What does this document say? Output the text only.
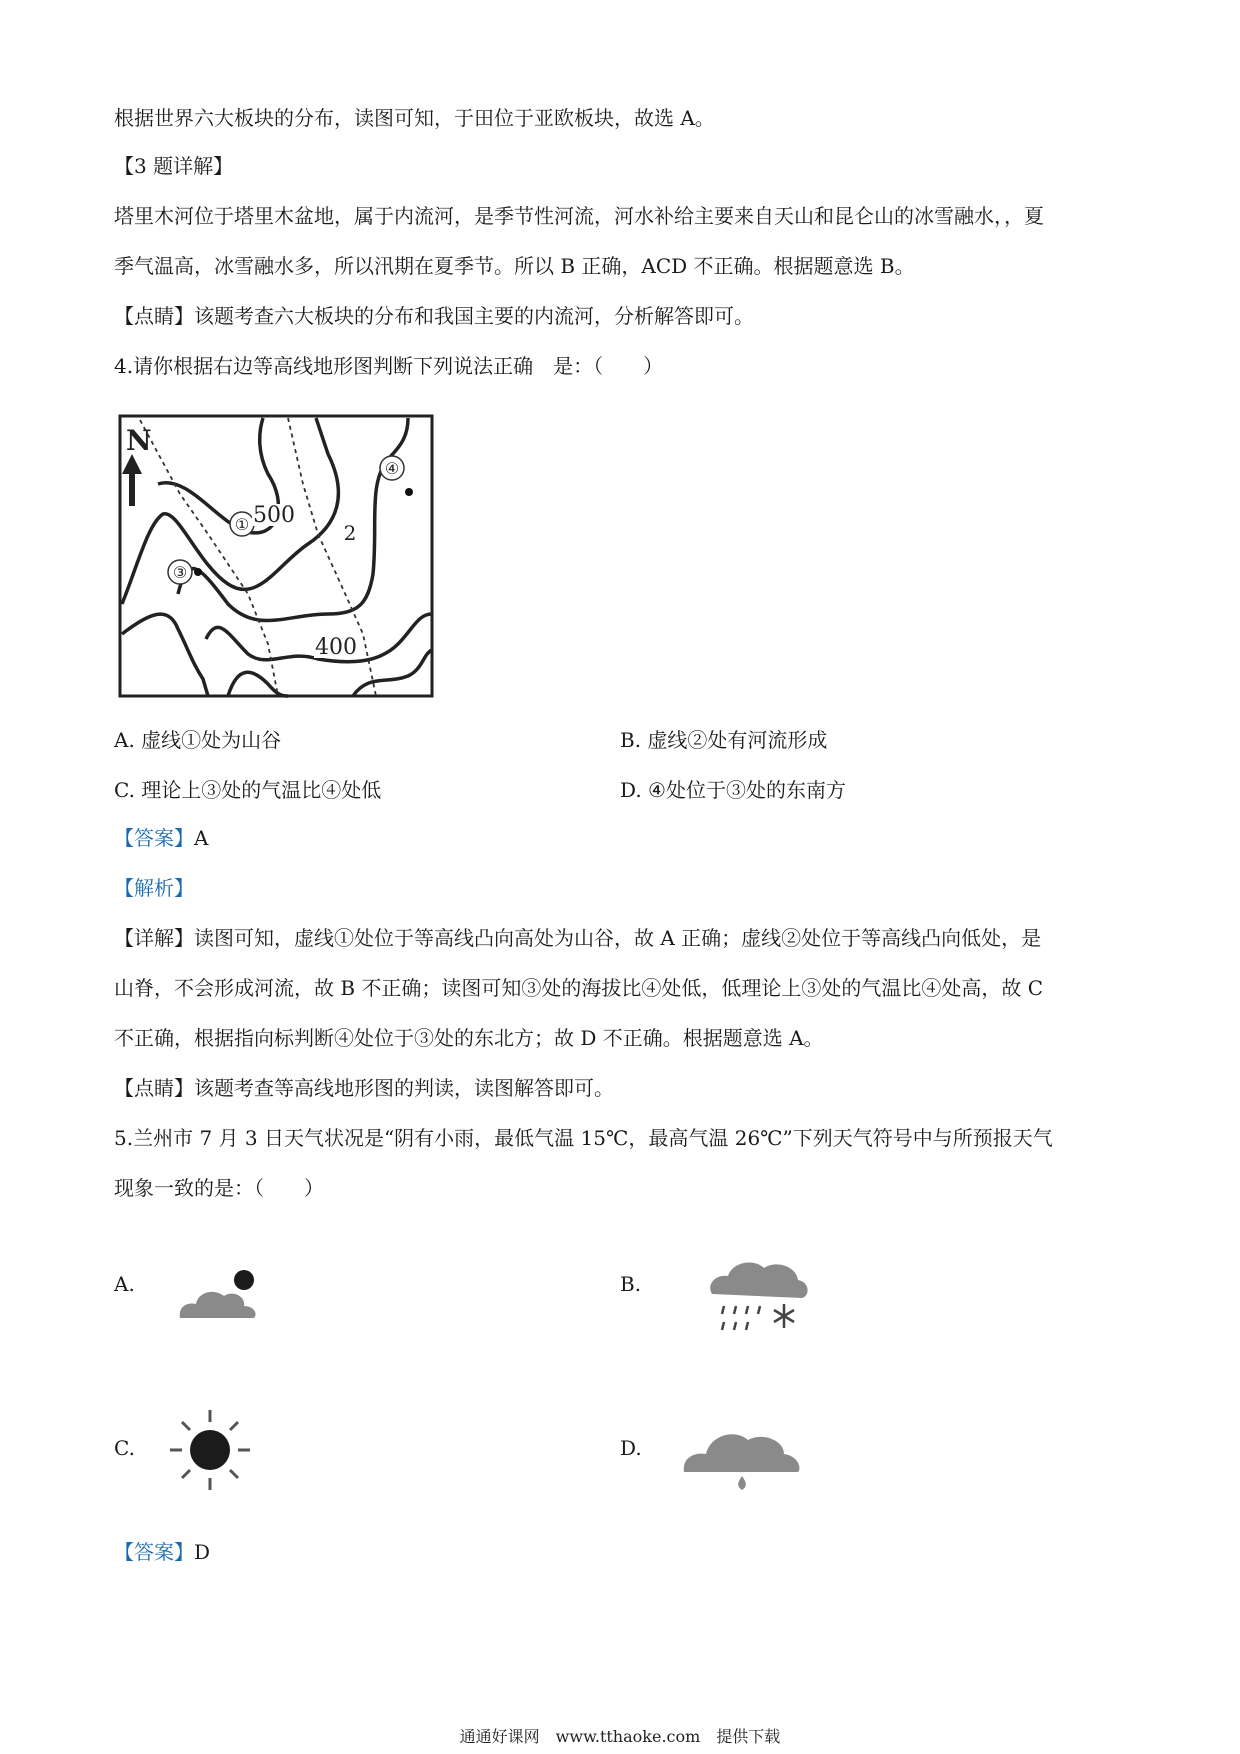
根据世界六大板块的分布，读图可知，于田位于亚欧板块，故选 A。
【3 题详解】
塔里木河位于塔里木盆地，属于内流河，是季节性河流，河水补给主要来自天山和昆仑山的冰雪融水，，夏
季气温高，冰雪融水多，所以汛期在夏季节。所以 B 正确，ACD 不正确。根据题意选 B。
【点睛】该题考查六大板块的分布和我国主要的内流河，分析解答即可。
4.请你根据右边等高线地形图判断下列说法正确　是：（　　）
N
①	2
③
④
500
400
A. 虚线①处为山谷	B. 虚线②处有河流形成
C. 理论上③处的气温比④处低	D. ④处位于③处的东南方
【答案】A
【解析】
【详解】读图可知，虚线①处位于等高线凸向高处为山谷，故 A 正确；虚线②处位于等高线凸向低处，是
山脊，不会形成河流，故 B 不正确；读图可知③处的海拔比④处低，低理论上③处的气温比④处高，故 C
不正确，根据指向标判断④处位于③处的东北方；故 D 不正确。根据题意选 A。
【点睛】该题考查等高线地形图的判读，读图解答即可。
5.兰州市 7 月 3 日天气状况是“阴有小雨，最低气温 15℃，最高气温 26℃”下列天气符号中与所预报天气
现象一致的是：（　　）
A.	B.
C.	D.
【答案】D
通通好课网　www.tthaoke.com　提供下载
